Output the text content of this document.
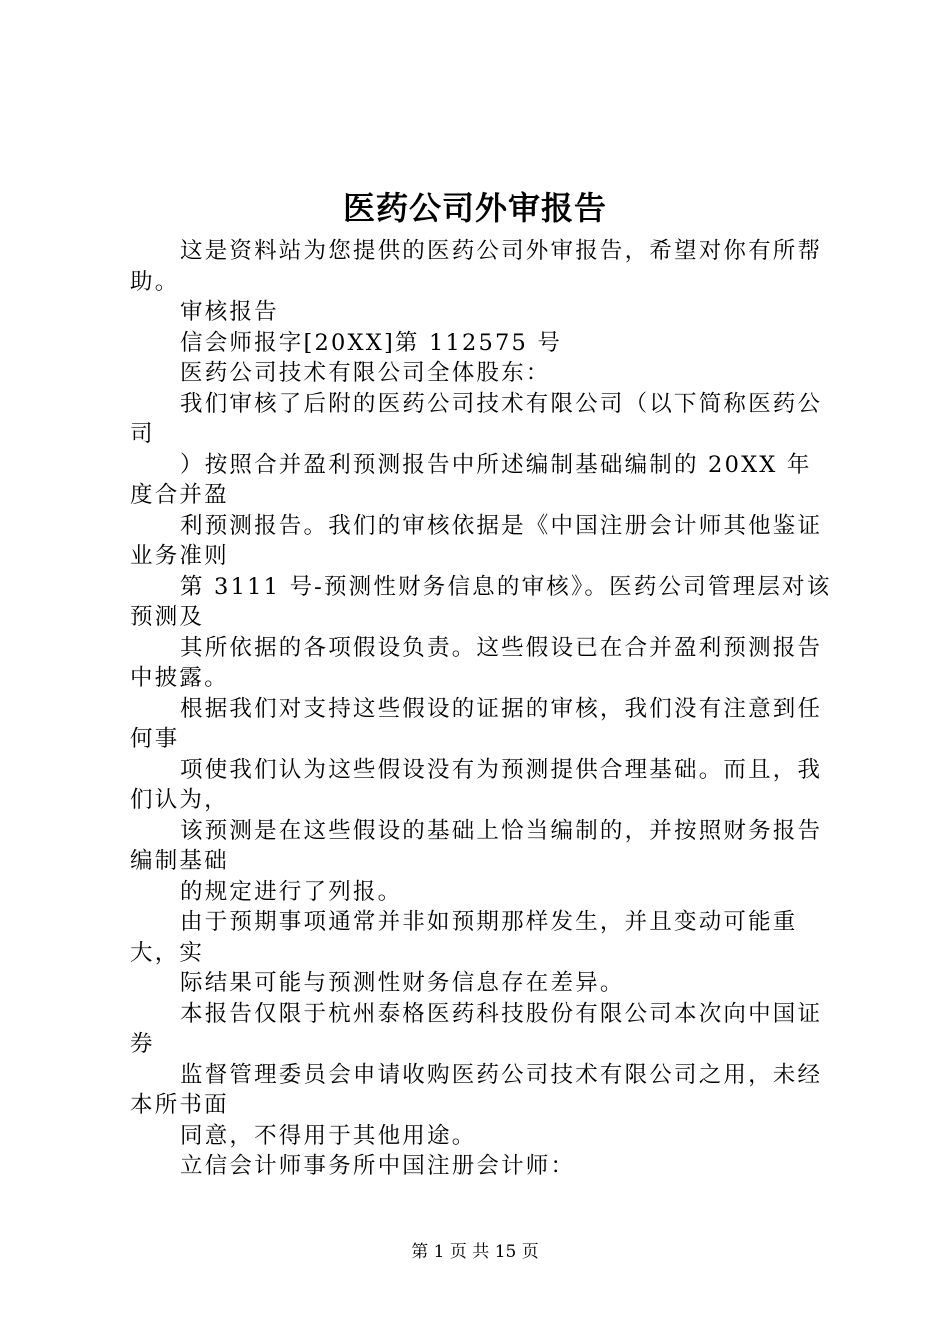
医药公司外审报告

这是资料站为您提供的医药公司外审报告，希望对你有所帮助。

审核报告

信会师报字[20XX]第 112575 号

医药公司技术有限公司全体股东：

我们审核了后附的医药公司技术有限公司（以下简称医药公司

）按照合并盈利预测报告中所述编制基础编制的 20XX 年度合并盈

利预测报告。我们的审核依据是《中国注册会计师其他鉴证业务准则

第 3111 号-预测性财务信息的审核》。医药公司管理层对该预测及

其所依据的各项假设负责。这些假设已在合并盈利预测报告中披露。

根据我们对支持这些假设的证据的审核，我们没有注意到任何事

项使我们认为这些假设没有为预测提供合理基础。而且，我们认为，

该预测是在这些假设的基础上恰当编制的，并按照财务报告编制基础

的规定进行了列报。

由于预期事项通常并非如预期那样发生，并且变动可能重大，实

际结果可能与预测性财务信息存在差异。

本报告仅限于杭州泰格医药科技股份有限公司本次向中国证券

监督管理委员会申请收购医药公司技术有限公司之用，未经本所书面

同意，不得用于其他用途。

立信会计师事务所中国注册会计师：

第 1 页 共 15 页
